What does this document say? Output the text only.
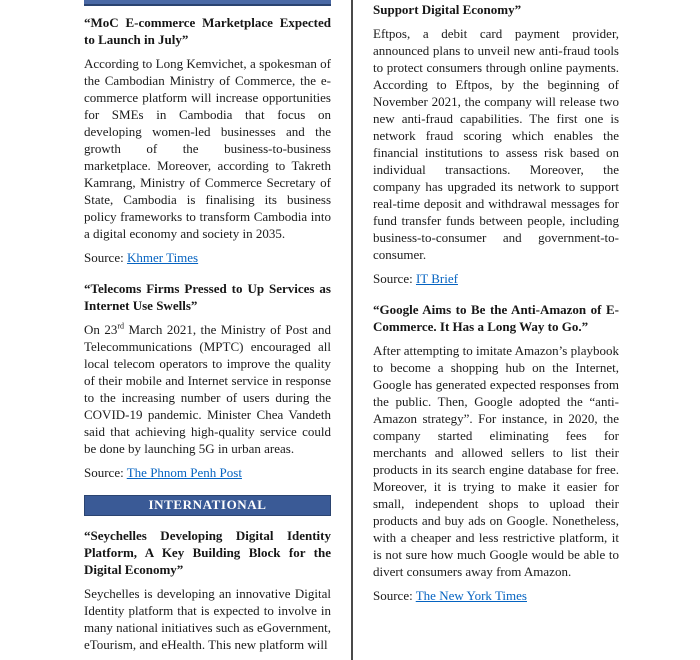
“MoC E-commerce Marketplace Expected to Launch in July”

According to Long Kemvichet, a spokesman of the Cambodian Ministry of Commerce, the e-commerce platform will increase opportunities for SMEs in Cambodia that focus on developing women-led businesses and the growth of the business-to-business marketplace. Moreover, according to Takreth Kamrang, Ministry of Commerce Secretary of State, Cambodia is finalising its business policy frameworks to transform Cambodia into a digital economy and society in 2035.

Source: Khmer Times

“Telecoms Firms Pressed to Up Services as Internet Use Swells”

On 23rd March 2021, the Ministry of Post and Telecommunications (MPTC) encouraged all local telecom operators to improve the quality of their mobile and Internet service in response to the increasing number of users during the COVID-19 pandemic. Minister Chea Vandeth said that achieving high-quality service could be done by launching 5G in urban areas.

Source: The Phnom Penh Post

INTERNATIONAL
“Seychelles Developing Digital Identity Platform, A Key Building Block for the Digital Economy”

Seychelles is developing an innovative Digital Identity platform that is expected to involve in many national initiatives such as eGovernment, eTourism, and eHealth. This new platform will

Support Digital Economy”

Eftpos, a debit card payment provider, announced plans to unveil new anti-fraud tools to protect consumers through online payments. According to Eftpos, by the beginning of November 2021, the company will release two new anti-fraud capabilities. The first one is network fraud scoring which enables the financial institutions to assess risk based on individual transactions. Moreover, the company has upgraded its network to support real-time deposit and withdrawal messages for fund transfer funds between people, including business-to-consumer and government-to-consumer.

Source: IT Brief

“Google Aims to Be the Anti-Amazon of E-Commerce. It Has a Long Way to Go.”

After attempting to imitate Amazon’s playbook to become a shopping hub on the Internet, Google has generated expected responses from the public. Then, Google adopted the “anti-Amazon strategy”. For instance, in 2020, the company started eliminating fees for merchants and allowed sellers to list their products in its search engine database for free. Moreover, it is trying to make it easier for small, independent shops to upload their products and buy ads on Google. Nonetheless, with a cheaper and less restrictive platform, it is not sure how much Google would be able to divert consumers away from Amazon.

Source: The New York Times
